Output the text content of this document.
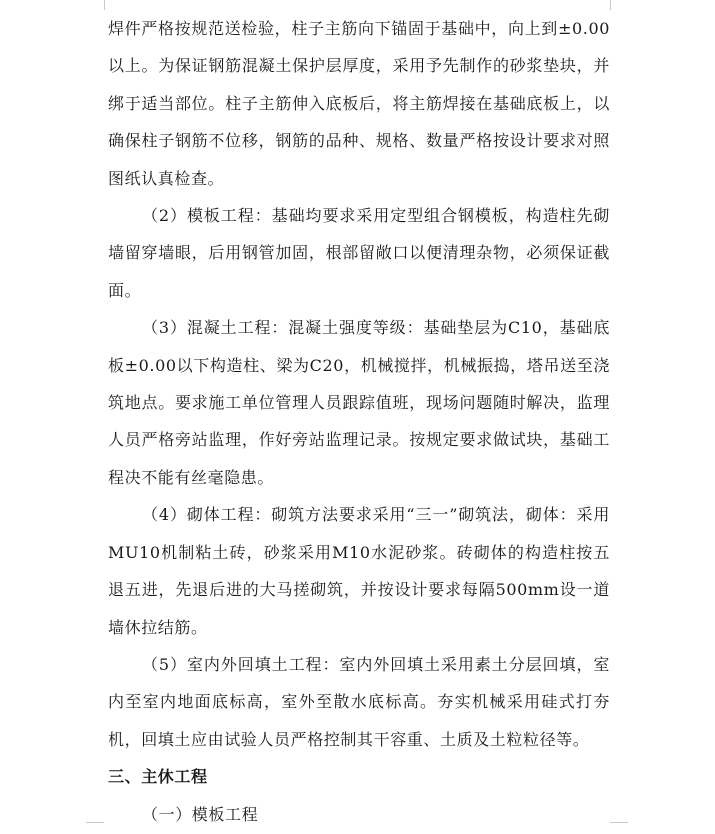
焊件严格按规范送检验，柱子主筋向下锚固于基础中，向上到±0.00以上。为保证钢筋混凝土保护层厚度，采用予先制作的砂浆垫块，并绑于适当部位。柱子主筋伸入底板后，将主筋焊接在基础底板上，以确保柱子钢筋不位移，钢筋的品种、规格、数量严格按设计要求对照图纸认真检查。

（2）模板工程：基础均要求采用定型组合钢模板，构造柱先砌墙留穿墙眼，后用钢管加固，根部留敞口以便清理杂物，必须保证截面。

（3）混凝土工程：混凝土强度等级：基础垫层为C10，基础底板±0.00以下构造柱、梁为C20，机械搅拌，机械振捣，塔吊送至浇筑地点。要求施工单位管理人员跟踪值班，现场问题随时解决，监理人员严格旁站监理，作好旁站监理记录。按规定要求做试块，基础工程决不能有丝毫隐患。

（4）砌体工程：砌筑方法要求采用“三一”砌筑法，砌体：采用MU10机制粘土砖，砂浆采用M10水泥砂浆。砖砌体的构造柱按五退五进，先退后进的大马搓砌筑，并按设计要求每隔500mm设一道墙休拉结筋。

（5）室内外回填土工程：室内外回填土采用素土分层回填，室内至室内地面底标高，室外至散水底标高。夯实机械采用硅式打夯机，回填土应由试验人员严格控制其干容重、土质及土粒粒径等。

三、主休工程

（一）模板工程
